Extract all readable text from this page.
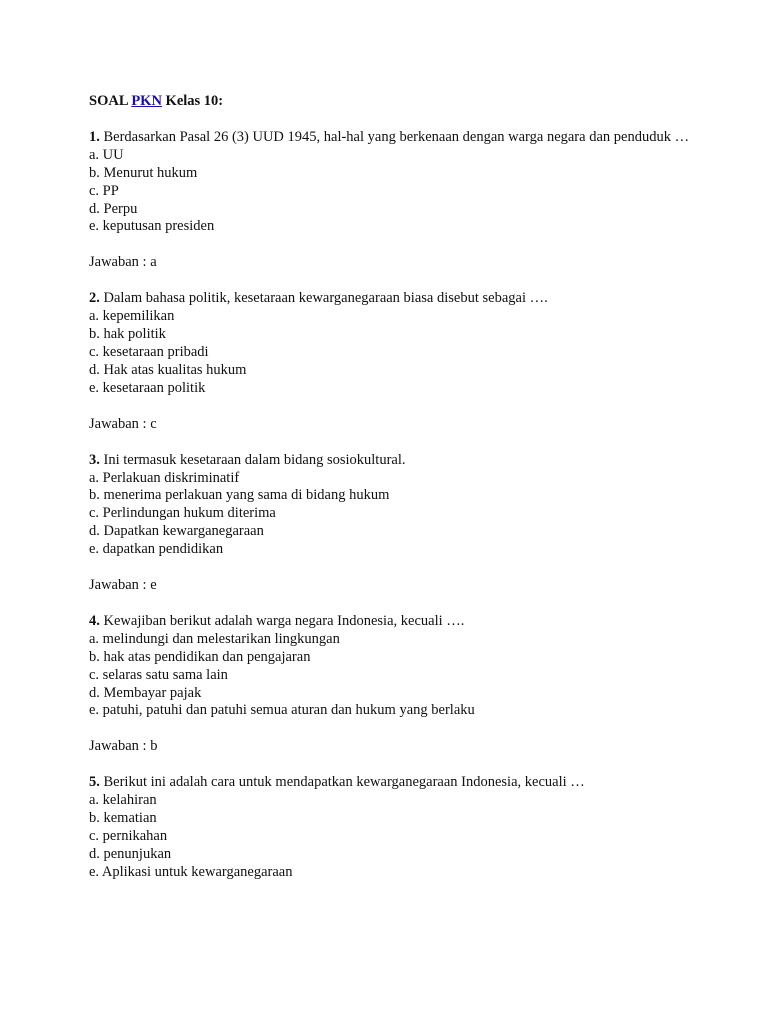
SOAL PKN Kelas 10:

1. Berdasarkan Pasal 26 (3) UUD 1945, hal-hal yang berkenaan dengan warga negara dan penduduk …

a. UU
b. Menurut hukum
c. PP
d. Perpu
e. keputusan presiden

Jawaban : a

2. Dalam bahasa politik, kesetaraan kewarganegaraan biasa disebut sebagai ….

a. kepemilikan
b. hak politik
c. kesetaraan pribadi
d. Hak atas kualitas hukum
e. kesetaraan politik

Jawaban : c

3. Ini termasuk kesetaraan dalam bidang sosiokultural.

a. Perlakuan diskriminatif
b. menerima perlakuan yang sama di bidang hukum
c. Perlindungan hukum diterima
d. Dapatkan kewarganegaraan
e. dapatkan pendidikan

Jawaban : e

4. Kewajiban berikut adalah warga negara Indonesia, kecuali ….

a. melindungi dan melestarikan lingkungan
b. hak atas pendidikan dan pengajaran
c. selaras satu sama lain
d. Membayar pajak
e. patuhi, patuhi dan patuhi semua aturan dan hukum yang berlaku

Jawaban : b

5. Berikut ini adalah cara untuk mendapatkan kewarganegaraan Indonesia, kecuali …

a. kelahiran
b. kematian
c. pernikahan
d. penunjukan
e. Aplikasi untuk kewarganegaraan
